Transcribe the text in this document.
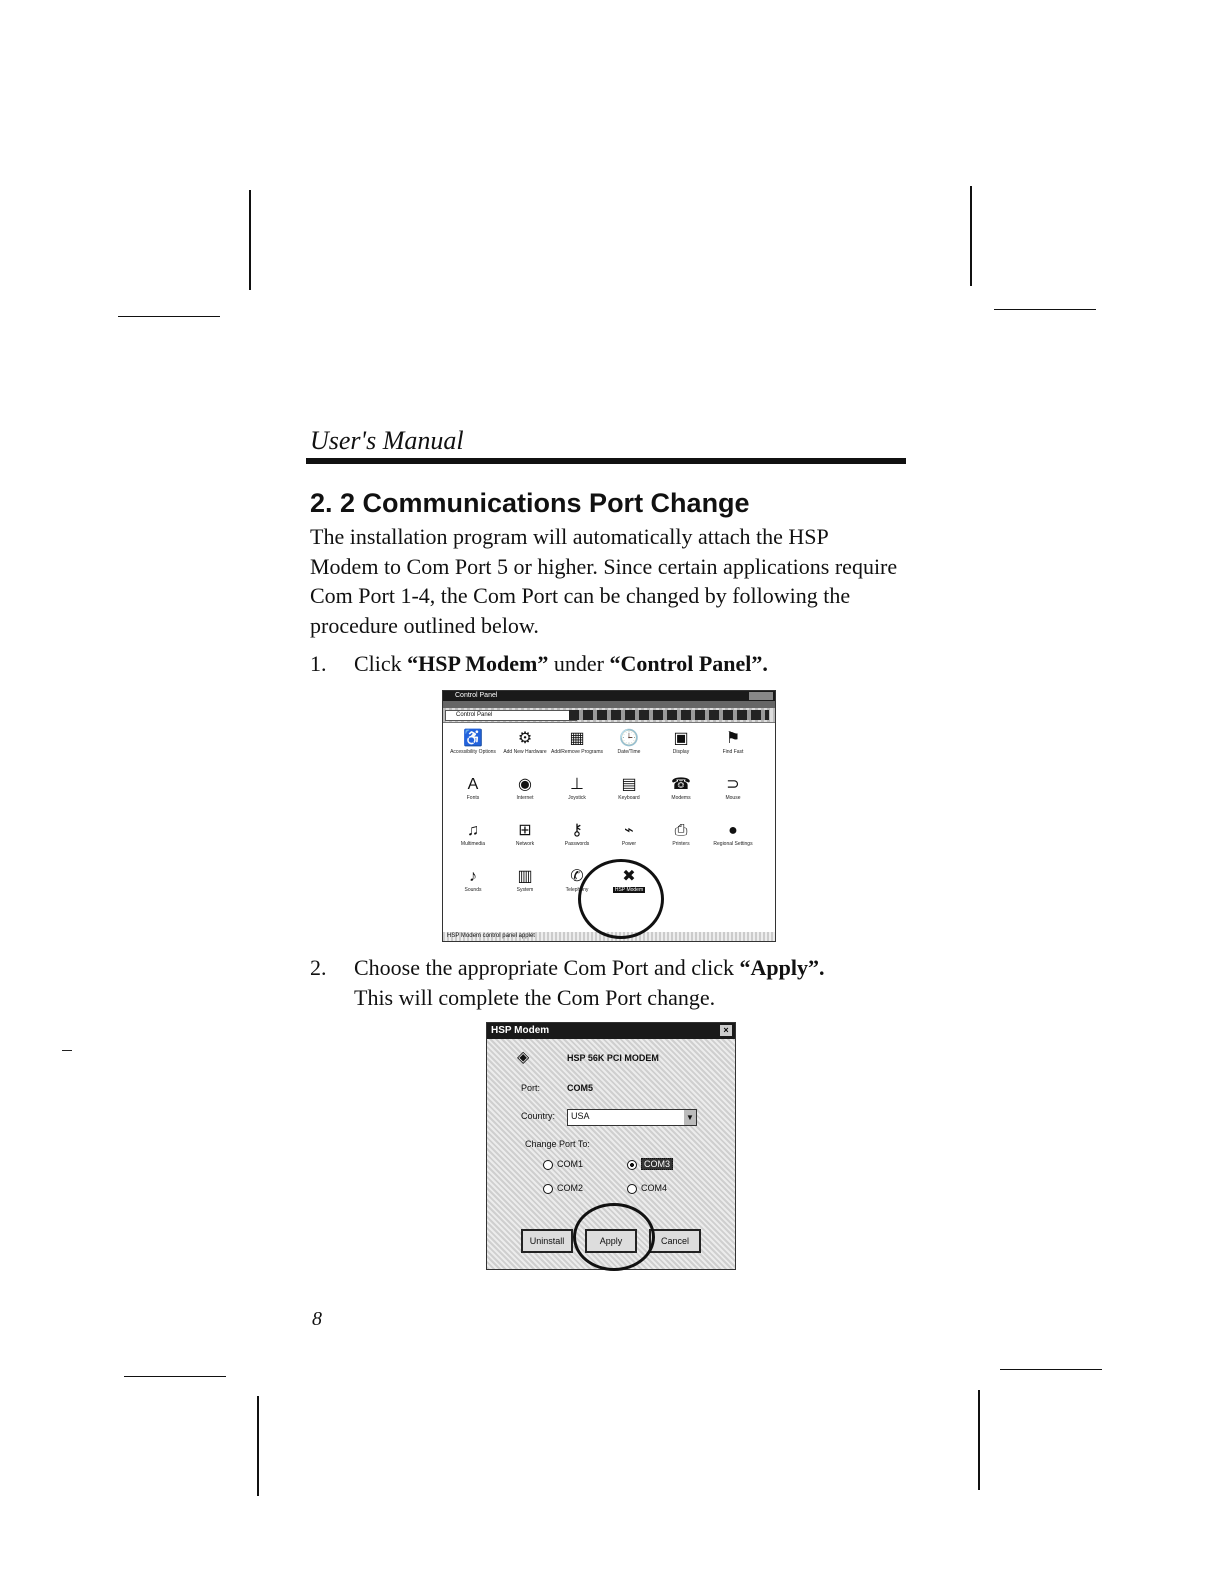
User's Manual
2. 2 Communications Port Change
The installation program will automatically attach the HSP Modem to Com Port 5 or higher. Since certain applications require Com Port 1-4, the Com Port can be changed by following the procedure outlined below.
1. Click “HSP Modem” under “Control Panel”.
Control Panel
Control Panel
♿
Accessibility Options
⚙
Add New Hardware
▦
Add/Remove Programs
🕒
Date/Time
▣
Display
⚑
Find Fast
A
Fonts
◉
Internet
⊥
Joystick
▤
Keyboard
☎
Modems
⊃
Mouse
♫
Multimedia
⊞
Network
⚷
Passwords
⌁
Power
⎙
Printers
●
Regional Settings
♪
Sounds
▥
System
✆
Telephony
✖
HSP Modem
HSP Modem control panel applet
2. Choose the appropriate Com Port and click “Apply”.
This will complete the Com Port change.
HSP Modem	×
◈	HSP 56K PCI MODEM
Port:	COM5
Country: USA	▼
Change Port To:
COM1	COM3
COM2	COM4
Uninstall	Apply	Cancel
8
